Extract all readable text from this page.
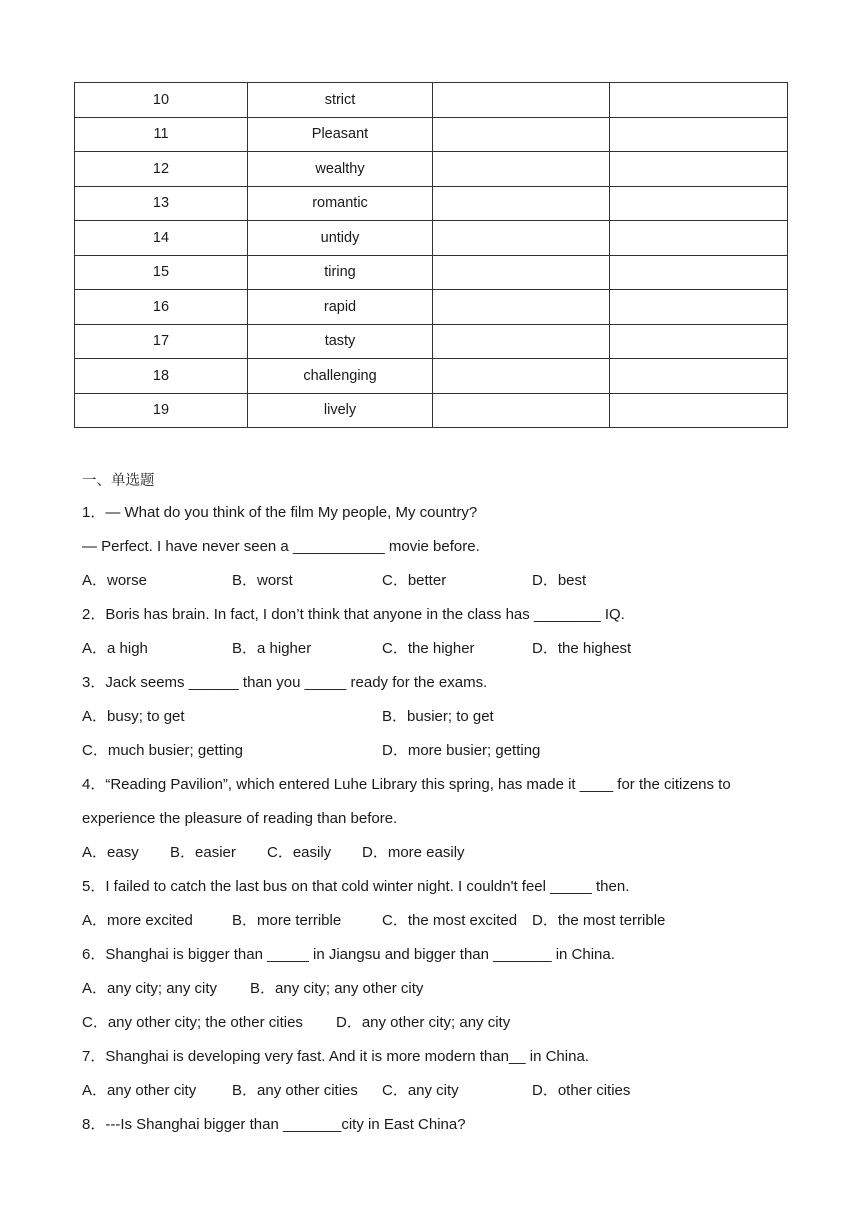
10	strict		
11	Pleasant		
12	wealthy		
13	romantic		
14	untidy		
15	tiring		
16	rapid		
17	tasty		
18	challenging		
19	lively		
一、单选题
1．— What do you think of the film My people, My country?
— Perfect. I have never seen a ___________ movie before.
A．worse	B．worst	C．better	D．best
2．Boris has brain. In fact, I don’t think that anyone in the class has ________ IQ.
A．a high	B．a higher	C．the higher	D．the highest
3．Jack seems ______ than you _____ ready for the exams.
A．busy; to get	B．busier; to get
C．much busier; getting	D．more busier; getting
4．“Reading Pavilion”, which entered Luhe Library this spring, has made it ____ for the citizens to
experience the pleasure of reading than before.
A．easy B．easier C．easily D．more easily
5．I failed to catch the last bus on that cold winter night. I couldn't feel _____ then.
A．more excited	B．more terrible	C．the most excited D．the most terrible
6．Shanghai is bigger than _____ in Jiangsu and bigger than _______ in China.
A．any city; any city B．any city; any other city
C．any other city; the other cities D．any other city; any city
7．Shanghai is developing very fast. And it is more modern than__ in China.
A．any other city B．any other cities C．any city	D．other cities
8．---Is Shanghai bigger than _______city in East China?
